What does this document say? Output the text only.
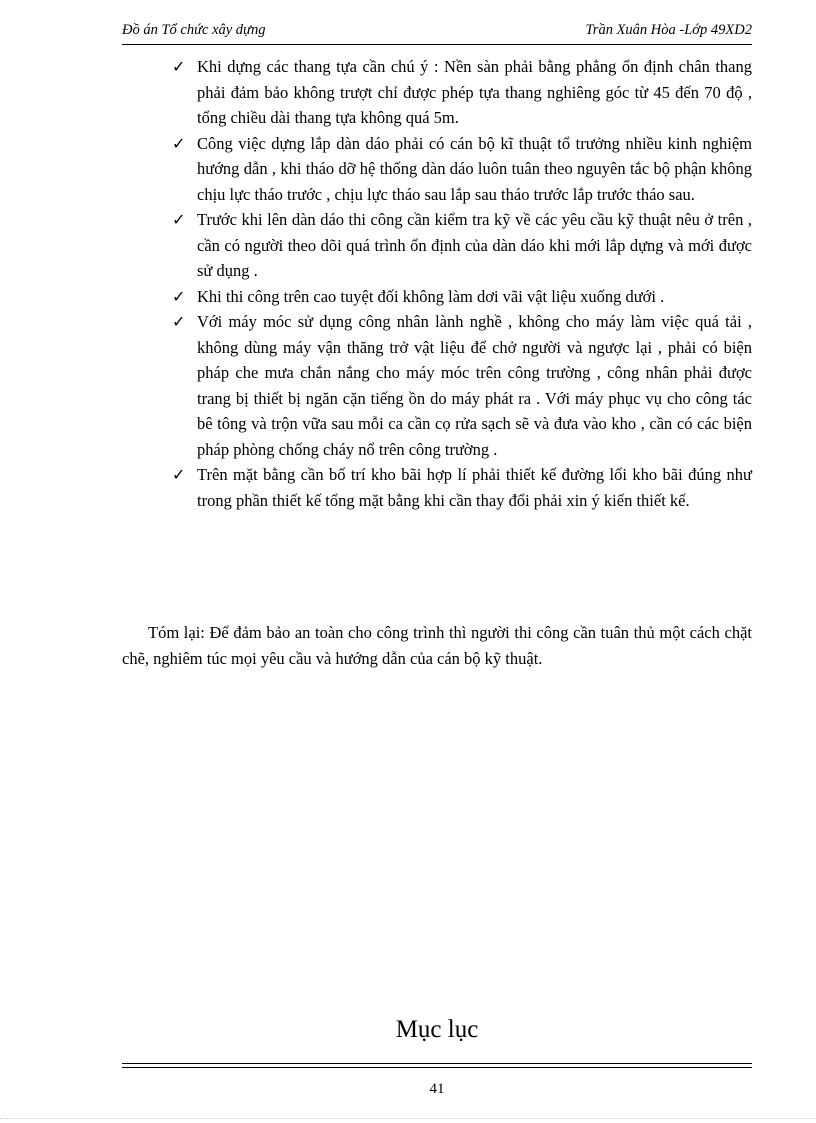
Đồ án Tổ chức xây dựng	Trần Xuân Hòa -Lớp 49XD2
✓ Khi dựng các thang tựa cần chú ý : Nền sàn phải bằng phẳng ổn định chân thang phải đảm bảo không trượt chỉ được phép tựa thang nghiêng góc từ 45 đến 70 độ , tổng chiều dài thang tựa không quá 5m.
✓ Công việc dựng lắp dàn dáo phải có cán bộ kĩ thuật tổ trưởng nhiều kinh nghiệm hướng dẫn , khi tháo dỡ hệ thống dàn dáo luôn tuân theo nguyên tắc bộ phận không chịu lực tháo trước , chịu lực tháo sau lắp sau tháo trước lắp trước tháo sau.
✓ Trước khi lên dàn dáo thi công cần kiểm tra kỹ về các yêu cầu kỹ thuật nêu ở trên , cần có người theo dõi quá trình ổn định của dàn dáo khi mới lắp dựng và mới được sử dụng .
✓ Khi thi công trên cao tuyệt đối không làm dơi vãi vật liệu xuống dưới .
✓ Với máy móc sử dụng công nhân lành nghề , không cho máy làm việc quá tải , không dùng máy vận thăng trở vật liệu để chở người và ngược lại , phải có biện pháp che mưa chắn nắng cho máy móc trên công trường , công nhân phải được trang bị thiết bị ngăn cặn tiếng ồn do máy phát ra . Với máy phục vụ cho công tác bê tông và trộn vữa sau mỗi ca cần cọ rửa sạch sẽ và đưa vào kho , cần có các biện pháp phòng chống cháy nổ trên công trường .
✓ Trên mặt bằng cần bố trí kho bãi hợp lí phải thiết kế đường lối kho bãi đúng như trong phần thiết kế tổng mặt bằng khi cần thay đổi phải xin ý kiến thiết kế.

Tóm lại: Để đảm bảo an toàn cho công trình thì người thi công cần tuân thủ một cách chặt chẽ, nghiêm túc mọi yêu cầu và hướng dẫn của cán bộ kỹ thuật.

Mục lục
41
